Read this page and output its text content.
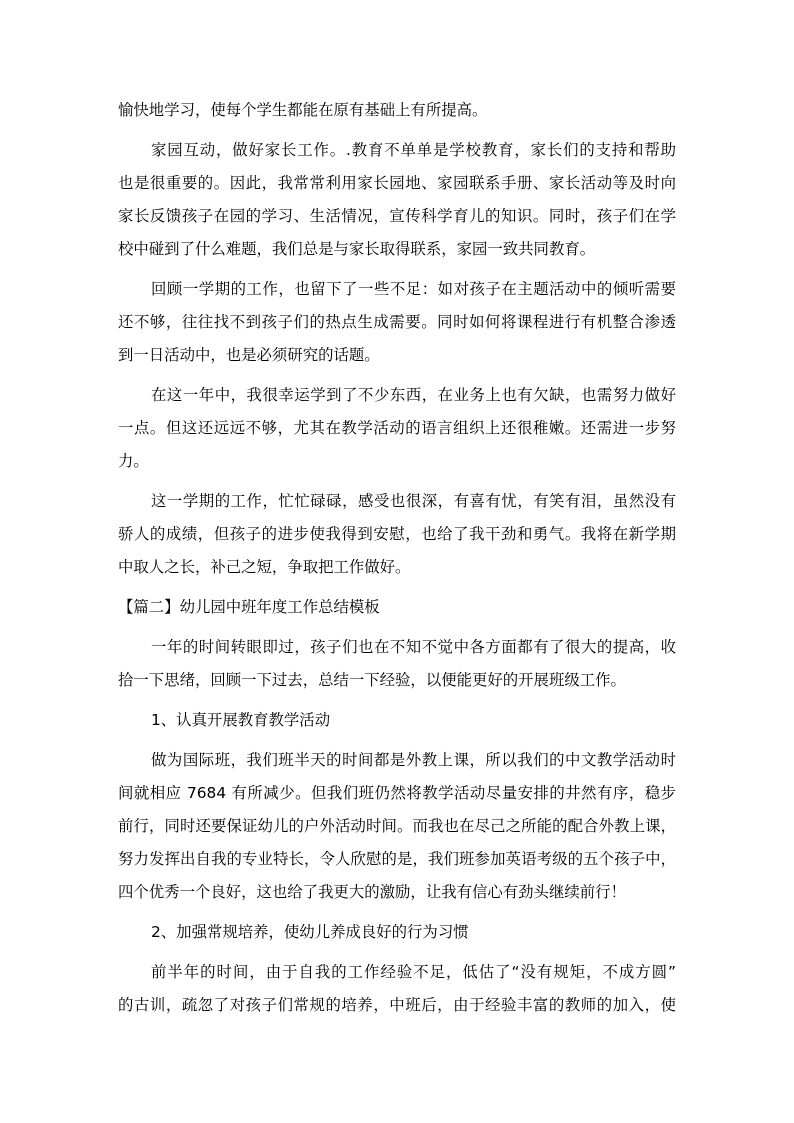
愉快地学习，使每个学生都能在原有基础上有所提高。
家园互动，做好家长工作。.教育不单单是学校教育，家长们的支持和帮助
也是很重要的。因此，我常常利用家长园地、家园联系手册、家长活动等及时向
家长反馈孩子在园的学习、生活情况，宣传科学育儿的知识。同时，孩子们在学
校中碰到了什么难题，我们总是与家长取得联系，家园一致共同教育。
回顾一学期的工作，也留下了一些不足：如对孩子在主题活动中的倾听需要
还不够，往往找不到孩子们的热点生成需要。同时如何将课程进行有机整合渗透
到一日活动中，也是必须研究的话题。
在这一年中，我很幸运学到了不少东西，在业务上也有欠缺，也需努力做好
一点。但这还远远不够，尤其在教学活动的语言组织上还很稚嫩。还需进一步努
力。
这一学期的工作，忙忙碌碌，感受也很深，有喜有忧，有笑有泪，虽然没有
骄人的成绩，但孩子的进步使我得到安慰，也给了我干劲和勇气。我将在新学期
中取人之长，补己之短，争取把工作做好。
【篇二】幼儿园中班年度工作总结模板
一年的时间转眼即过，孩子们也在不知不觉中各方面都有了很大的提高，收
拾一下思绪，回顾一下过去，总结一下经验，以便能更好的开展班级工作。
1、认真开展教育教学活动
做为国际班，我们班半天的时间都是外教上课，所以我们的中文教学活动时
间就相应 7684 有所减少。但我们班仍然将教学活动尽量安排的井然有序，稳步
前行，同时还要保证幼儿的户外活动时间。而我也在尽己之所能的配合外教上课，
努力发挥出自我的专业特长，令人欣慰的是，我们班参加英语考级的五个孩子中，
四个优秀一个良好，这也给了我更大的激励，让我有信心有劲头继续前行！
2、加强常规培养，使幼儿养成良好的行为习惯
前半年的时间，由于自我的工作经验不足，低估了“没有规矩，不成方圆”
的古训，疏忽了对孩子们常规的培养，中班后，由于经验丰富的教师的加入，使
